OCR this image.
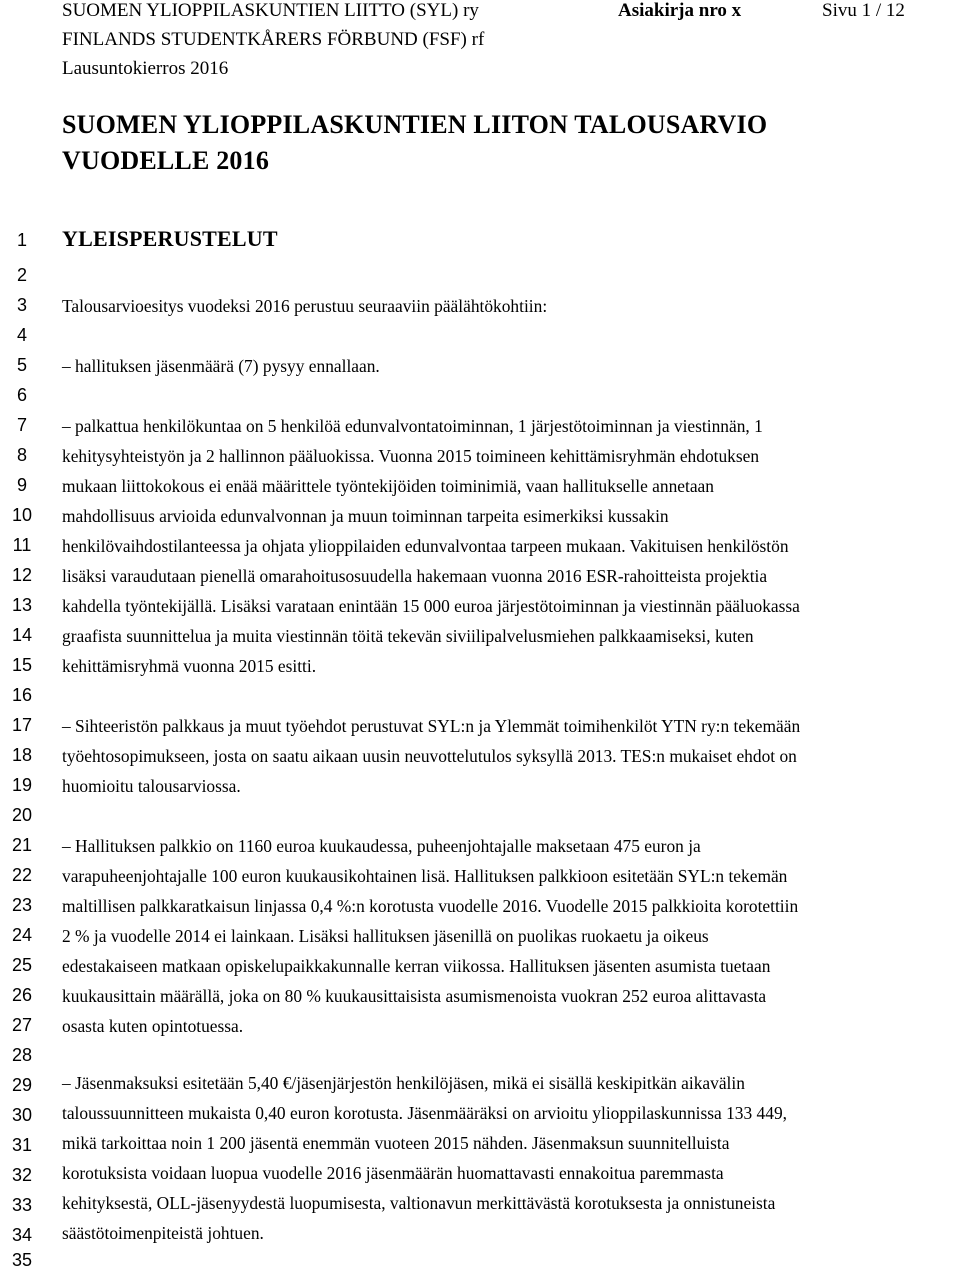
SUOMEN YLIOPPILASKUNTIEN LIITTO (SYL) ry
FINLANDS STUDENTKÅRERS FÖRBUND (FSF) rf
Lausuntokierros 2016
Asiakirja nro x	Sivu 1 / 12
SUOMEN YLIOPPILASKUNTIEN LIITON TALOUSARVIO
VUODELLE 2016
1
2
3
4
5
6
7
8
9
10
11
12
13
14
15
16
17
18
19
20
21
22
23
24
25
26
27
28
29
30
31
32
33
34
35
YLEISPERUSTELUT
Talousarvioesitys vuodeksi 2016 perustuu seuraaviin päälähtökohtiin:
– hallituksen jäsenmäärä (7) pysyy ennallaan.
– palkattua henkilökuntaa on 5 henkilöä edunvalvontatoiminnan, 1 järjestötoiminnan ja viestinnän, 1
kehitysyhteistyön ja 2 hallinnon pääluokissa. Vuonna 2015 toimineen kehittämisryhmän ehdotuksen
mukaan liittokokous ei enää määrittele työntekijöiden toiminimiä, vaan hallitukselle annetaan
mahdollisuus arvioida edunvalvonnan ja muun toiminnan tarpeita esimerkiksi kussakin
henkilövaihdostilanteessa ja ohjata ylioppilaiden edunvalvontaa tarpeen mukaan. Vakituisen henkilöstön
lisäksi varaudutaan pienellä omarahoitusosuudella hakemaan vuonna 2016 ESR-rahoitteista projektia
kahdella työntekijällä. Lisäksi varataan enintään 15 000 euroa järjestötoiminnan ja viestinnän pääluokassa
graafista suunnittelua ja muita viestinnän töitä tekevän siviilipalvelusmiehen palkkaamiseksi, kuten
kehittämisryhmä vuonna 2015 esitti.
– Sihteeristön palkkaus ja muut työehdot perustuvat SYL:n ja Ylemmät toimihenkilöt YTN ry:n tekemään
työehtosopimukseen, josta on saatu aikaan uusin neuvottelutulos syksyllä 2013. TES:n mukaiset ehdot on
huomioitu talousarviossa.
– Hallituksen palkkio on 1160 euroa kuukaudessa, puheenjohtajalle maksetaan 475 euron ja
varapuheenjohtajalle 100 euron kuukausikohtainen lisä. Hallituksen palkkioon esitetään SYL:n tekemän
maltillisen palkkaratkaisun linjassa 0,4 %:n korotusta vuodelle 2016. Vuodelle 2015 palkkioita korotettiin
2 % ja vuodelle 2014 ei lainkaan. Lisäksi hallituksen jäsenillä on puolikas ruokaetu ja oikeus
edestakaiseen matkaan opiskelupaikkakunnalle kerran viikossa. Hallituksen jäsenten asumista tuetaan
kuukausittain määrällä, joka on 80 % kuukausittaisista asumismenoista vuokran 252 euroa alittavasta
osasta kuten opintotuessa.
– Jäsenmaksuksi esitetään 5,40 €/jäsenjärjestön henkilöjäsen, mikä ei sisällä keskipitkän aikavälin
taloussuunnitteen mukaista 0,40 euron korotusta. Jäsenmääräksi on arvioitu ylioppilaskunnissa 133 449,
mikä tarkoittaa noin 1 200 jäsentä enemmän vuoteen 2015 nähden. Jäsenmaksun suunnitelluista
korotuksista voidaan luopua vuodelle 2016 jäsenmäärän huomattavasti ennakoitua paremmasta
kehityksestä, OLL-jäsenyydestä luopumisesta, valtionavun merkittävästä korotuksesta ja onnistuneista
säästötoimenpiteistä johtuen.
